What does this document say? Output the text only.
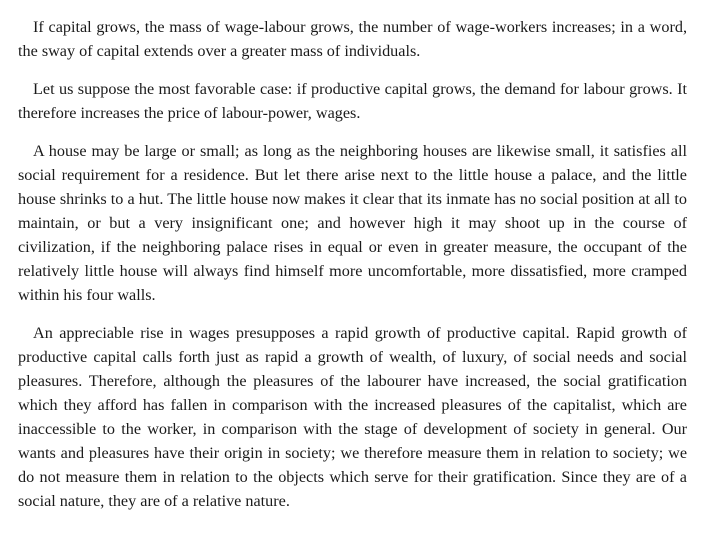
If capital grows, the mass of wage-labour grows, the number of wage-workers increases; in a word, the sway of capital extends over a greater mass of individuals.

Let us suppose the most favorable case: if productive capital grows, the demand for labour grows. It therefore increases the price of labour-power, wages.

A house may be large or small; as long as the neighboring houses are likewise small, it satisfies all social requirement for a residence. But let there arise next to the little house a palace, and the little house shrinks to a hut. The little house now makes it clear that its inmate has no social position at all to maintain, or but a very insignificant one; and however high it may shoot up in the course of civilization, if the neighboring palace rises in equal or even in greater measure, the occupant of the relatively little house will always find himself more uncomfortable, more dissatisfied, more cramped within his four walls.

An appreciable rise in wages presupposes a rapid growth of productive capital. Rapid growth of productive capital calls forth just as rapid a growth of wealth, of luxury, of social needs and social pleasures. Therefore, although the pleasures of the labourer have increased, the social gratification which they afford has fallen in comparison with the increased pleasures of the capitalist, which are inaccessible to the worker, in comparison with the stage of development of society in general. Our wants and pleasures have their origin in society; we therefore measure them in relation to society; we do not measure them in relation to the objects which serve for their gratification. Since they are of a social nature, they are of a relative nature.
